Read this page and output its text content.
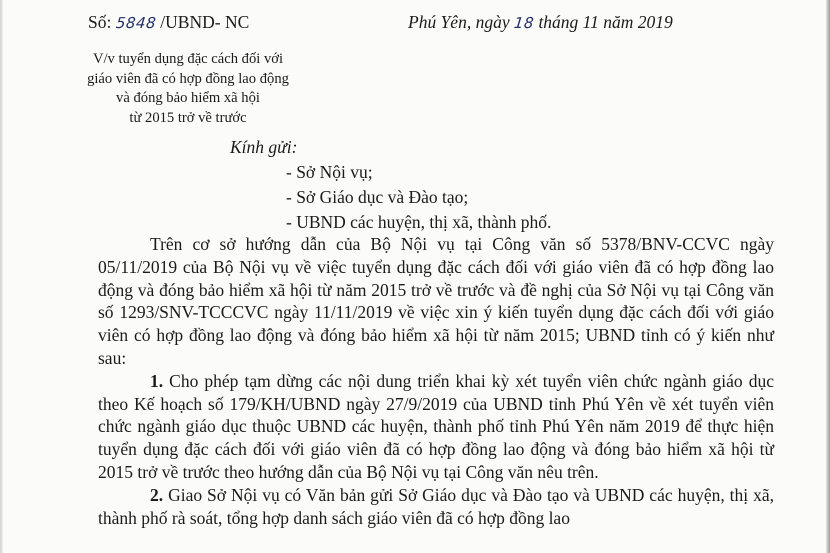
Số: 5848 /UBND- NC	Phú Yên, ngày 18 tháng 11 năm 2019
V/v tuyển dụng đặc cách đối với
giáo viên đã có hợp đồng lao động
và đóng bảo hiểm xã hội
từ 2015 trở về trước
Kính gửi:
- Sở Nội vụ;
- Sở Giáo dục và Đào tạo;
- UBND các huyện, thị xã, thành phố.

Trên cơ sở hướng dẫn của Bộ Nội vụ tại Công văn số 5378/BNV-CCVC ngày 05/11/2019 của Bộ Nội vụ về việc tuyển dụng đặc cách đối với giáo viên đã có hợp đồng lao động và đóng bảo hiểm xã hội từ năm 2015 trở về trước và đề nghị của Sở Nội vụ tại Công văn số 1293/SNV-TCCCVC ngày 11/11/2019 về việc xin ý kiến tuyển dụng đặc cách đối với giáo viên có hợp đồng lao động và đóng bảo hiểm xã hội từ năm 2015; UBND tỉnh có ý kiến như sau:

1. Cho phép tạm dừng các nội dung triển khai kỳ xét tuyển viên chức ngành giáo dục theo Kế hoạch số 179/KH/UBND ngày 27/9/2019 của UBND tỉnh Phú Yên về xét tuyển viên chức ngành giáo dục thuộc UBND các huyện, thành phố tỉnh Phú Yên năm 2019 để thực hiện tuyển dụng đặc cách đối với giáo viên đã có hợp đồng lao động và đóng bảo hiểm xã hội từ 2015 trở về trước theo hướng dẫn của Bộ Nội vụ tại Công văn nêu trên.

2. Giao Sở Nội vụ có Văn bản gửi Sở Giáo dục và Đào tạo và UBND các huyện, thị xã, thành phố rà soát, tổng hợp danh sách giáo viên đã có hợp đồng lao
